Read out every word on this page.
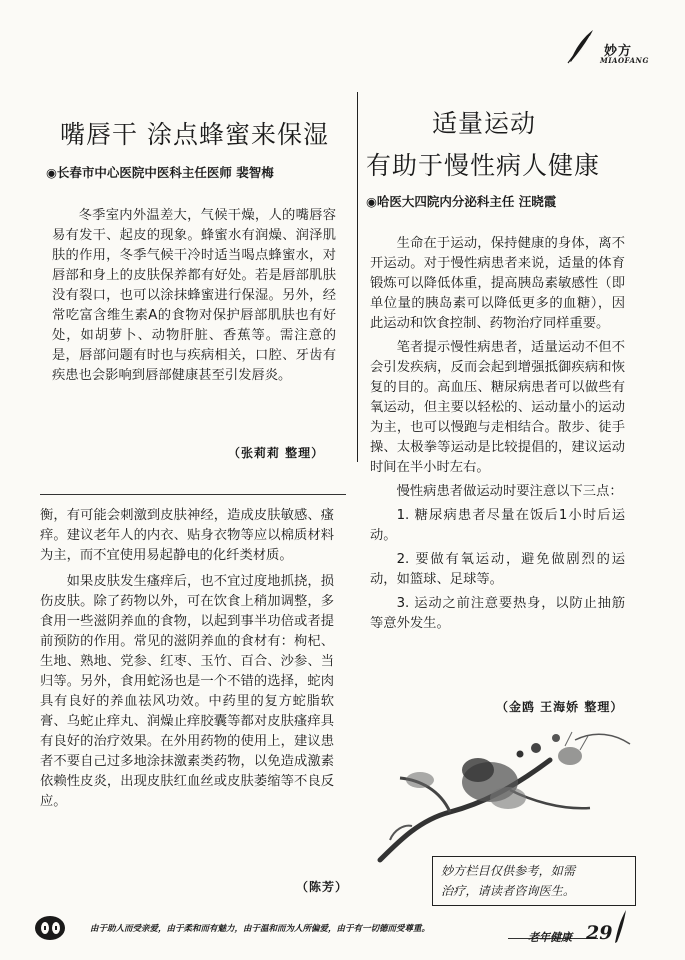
妙方
MIAOFANG
嘴唇干 涂点蜂蜜来保湿
◉长春市中心医院中医科主任医师 裴智梅

冬季室内外温差大，气候干燥，人的嘴唇容易有发干、起皮的现象。蜂蜜水有润燥、润泽肌肤的作用，冬季气候干冷时适当喝点蜂蜜水，对唇部和身上的皮肤保养都有好处。若是唇部肌肤没有裂口，也可以涂抹蜂蜜进行保湿。另外，经常吃富含维生素A的食物对保护唇部肌肤也有好处，如胡萝卜、动物肝脏、香蕉等。需注意的是，唇部问题有时也与疾病相关，口腔、牙齿有疾患也会影响到唇部健康甚至引发唇炎。

（张莉莉 整理）

衡，有可能会刺激到皮肤神经，造成皮肤敏感、瘙痒。建议老年人的内衣、贴身衣物等应以棉质材料为主，而不宜使用易起静电的化纤类材质。

如果皮肤发生瘙痒后，也不宜过度地抓挠，损伤皮肤。除了药物以外，可在饮食上稍加调整，多食用一些滋阴养血的食物，以起到事半功倍或者提前预防的作用。常见的滋阴养血的食材有：枸杞、生地、熟地、党参、红枣、玉竹、百合、沙参、当归等。另外，食用蛇汤也是一个不错的选择，蛇肉具有良好的养血祛风功效。中药里的复方蛇脂软膏、乌蛇止痒丸、润燥止痒胶囊等都对皮肤瘙痒具有良好的治疗效果。在外用药物的使用上，建议患者不要自己过多地涂抹激素类药物，以免造成激素依赖性皮炎，出现皮肤红血丝或皮肤萎缩等不良反应。

（陈芳）
适量运动
有助于慢性病人健康
◉哈医大四院内分泌科主任 汪晓霞

生命在于运动，保持健康的身体，离不开运动。对于慢性病患者来说，适量的体育锻炼可以降低体重，提高胰岛素敏感性（即单位量的胰岛素可以降低更多的血糖），因此运动和饮食控制、药物治疗同样重要。

笔者提示慢性病患者，适量运动不但不会引发疾病，反而会起到增强抵御疾病和恢复的目的。高血压、糖尿病患者可以做些有氧运动，但主要以轻松的、运动量小的运动为主，也可以慢跑与走相结合。散步、徒手操、太极拳等运动是比较提倡的，建议运动时间在半小时左右。

慢性病患者做运动时要注意以下三点：

1. 糖尿病患者尽量在饭后1小时后运动。

2. 要做有氧运动，避免做剧烈的运动，如篮球、足球等。

3. 运动之前注意要热身，以防止抽筋等意外发生。

（金鸥 王海娇 整理）
妙方栏目仅供参考，如需
治疗，请读者咨询医生。
由于助人而受亲爱，由于柔和而有魅力，由于温和而为人所偏爱，由于有一切德而受尊重。
老年健康 29
